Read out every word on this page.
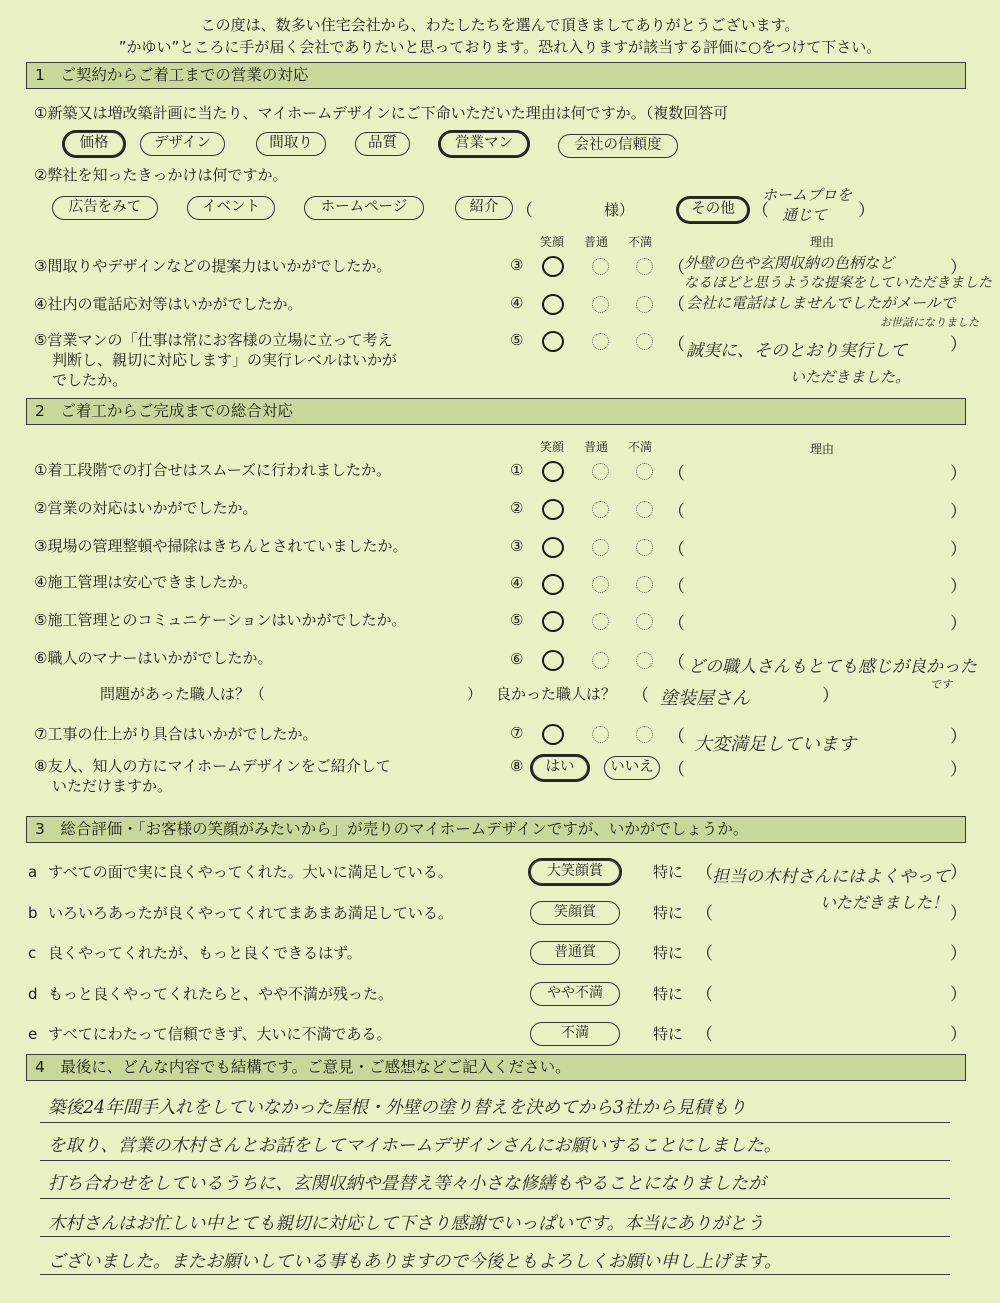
この度は、数多い住宅会社から、わたしたちを選んで頂きましてありがとうございます。
”かゆい”ところに手が届く会社でありたいと思っております。恐れ入りますが該当する評価に○をつけて下さい。
1　ご契約からご着工までの営業の対応
①新築又は増改築計画に当たり、マイホームデザインにご下命いただいた理由は何ですか。（複数回答可
価格	デザイン	間取り	品質	営業マン	会社の信頼度
②弊社を知ったきっかけは何ですか。
広告をみて	イベント	ホームページ	紹介	（	様）	その他	（
ホームプロを
通じて ）
笑顔 普通 不満	理由
③間取りやデザインなどの提案力はいかがでしたか。	③	（ 外壁の色や玄関収納の色柄など
なるほどと思うような提案をしていただきました
）
④社内の電話応対等はいかがでしたか。	④	（ 会社に電話はしませんでしたがメールで
お世話になりました
⑤営業マンの「仕事は常にお客様の立場に立って考え
判断し、親切に対応します」の実行レベルはいかが
でしたか。
⑤	（ 誠実に、そのとおり実行して
いただきました。
）
2　ご着工からご完成までの総合対応
笑顔 普通 不満	理由
①着工段階での打合せはスムーズに行われましたか。	①	（	）
②営業の対応はいかがでしたか。	②	（	）
③現場の管理整頓や掃除はきちんとされていましたか。	③	（	）
④施工管理は安心できましたか。	④	（	）
⑤施工管理とのコミュニケーションはいかがでしたか。	⑤	（	）
⑥職人のマナーはいかがでしたか。	⑥	（ どの職人さんもとても感じが良かった
です
問題があった職人は？（	） 良かった職人は？ （ 塗装屋さん	）
⑦工事の仕上がり具合はいかがでしたか。	⑦	（ 大変満足しています	）
⑧友人、知人の方にマイホームデザインをご紹介して
いただけますか。
⑧	はい	いいえ （	）
3　総合評価・「お客様の笑顔がみたいから」が売りのマイホームデザインですが、いかがでしょうか。
a すべての面で実に良くやってくれた。大いに満足している。	大笑顔賞	特に （ 担当の木村さんにはよくやって ）
b いろいろあったが良くやってくれてまあまあ満足している。	笑顔賞	特に （
いただきました！
）
c 良くやってくれたが、もっと良くできるはず。	普通賞	特に （	）
d もっと良くやってくれたらと、やや不満が残った。	やや不満	特に （	）
e すべてにわたって信頼できず、大いに不満である。	不満	特に （	）
4　最後に、どんな内容でも結構です。ご意見・ご感想などご記入ください。
築後24年間手入れをしていなかった屋根・外壁の塗り替えを決めてから3社から見積もり
を取り、営業の木村さんとお話をしてマイホームデザインさんにお願いすることにしました。
打ち合わせをしているうちに、玄関収納や畳替え等々小さな修繕もやることになりましたが
木村さんはお忙しい中とても親切に対応して下さり感謝でいっぱいです。本当にありがとう
ございました。またお願いしている事もありますので今後ともよろしくお願い申し上げます。
